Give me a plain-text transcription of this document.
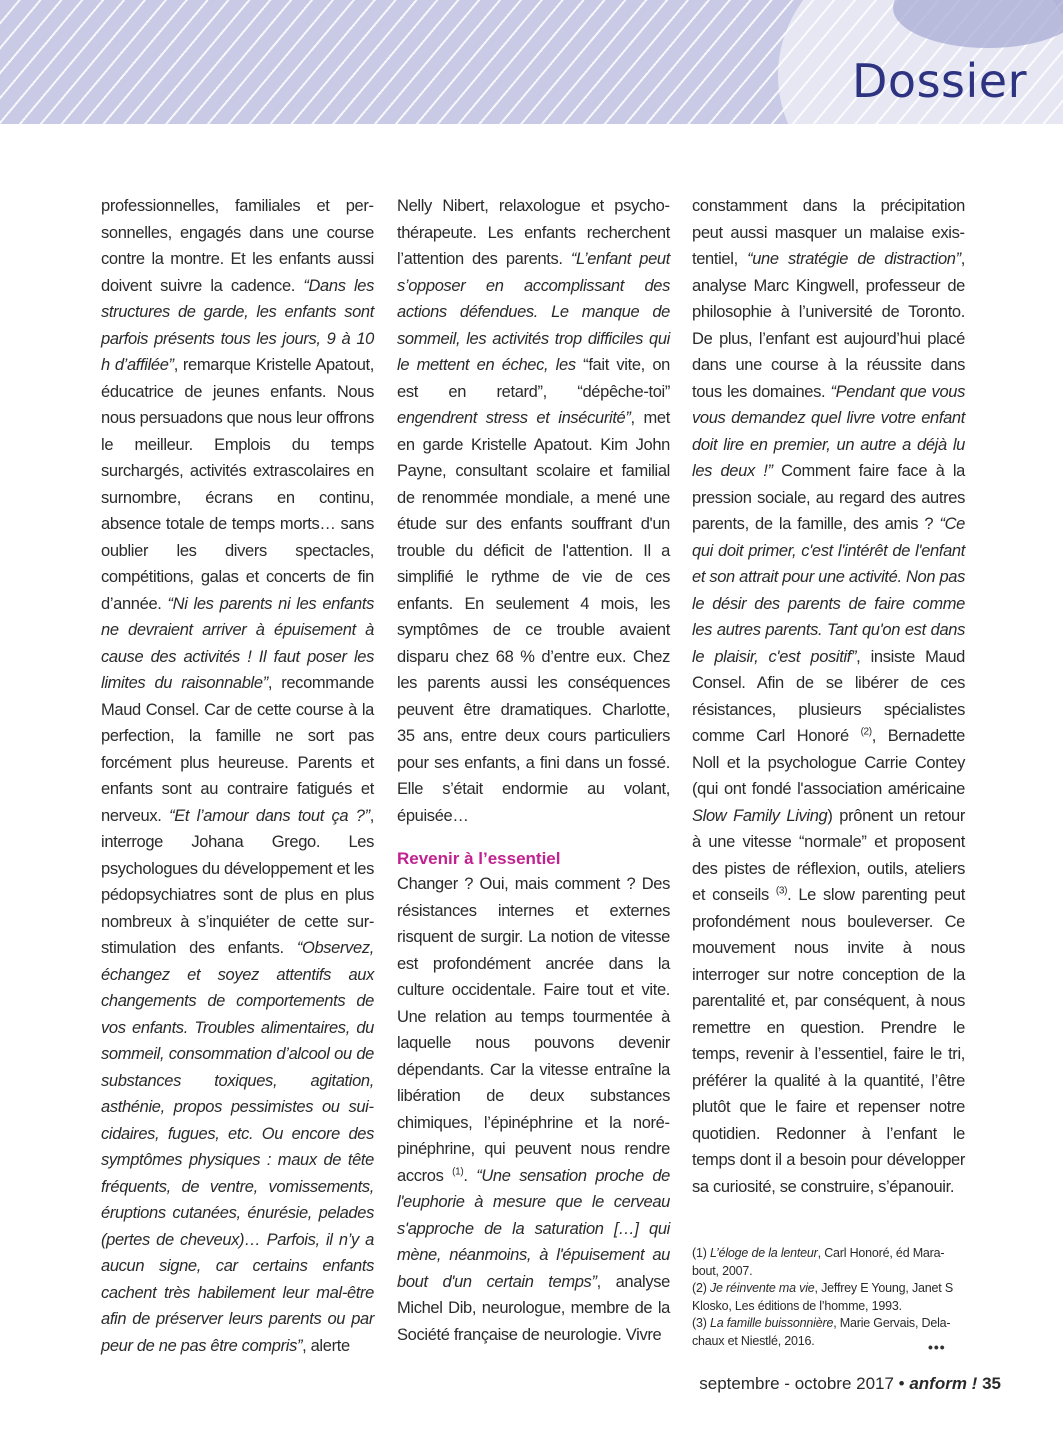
Dossier

professionnelles, familiales et personnelles, engagés dans une course contre la montre. Et les enfants aussi doivent suivre la cadence. “Dans les structures de garde, les enfants sont parfois présents tous les jours, 9 à 10 h d’affilée”, remarque Kristelle Apatout, éducatrice de jeunes enfants. Nous nous persuadons que nous leur offrons le meilleur. Emplois du temps surchargés, activités extrascolaires en surnombre, écrans en continu, absence totale de temps morts… sans oublier les divers spectacles, compétitions, galas et concerts de fin d’année. “Ni les parents ni les enfants ne devraient arriver à épuisement à cause des activités ! Il faut poser les limites du raisonnable”, recommande Maud Consel. Car de cette course à la perfection, la famille ne sort pas forcément plus heureuse. Parents et enfants sont au contraire fatigués et nerveux. “Et l’amour dans tout ça ?”, interroge Johana Grego. Les psychologues du développement et les pédopsychiatres sont de plus en plus nombreux à s’inquiéter de cette sur-stimulation des enfants. “Observez, échangez et soyez attentifs aux changements de comportements de vos enfants. Troubles alimentaires, du sommeil, consommation d’alcool ou de substances toxiques, agitation, asthénie, propos pessimistes ou suicidaires, fugues, etc. Ou encore des symptômes physiques : maux de tête fréquents, de ventre, vomissements, éruptions cutanées, énurésie, pelades (pertes de cheveux)… Parfois, il n’y a aucun signe, car certains enfants cachent très habilement leur mal-être afin de préserver leurs parents ou par peur de ne pas être compris”, alerte

Nelly Nibert, relaxologue et psychothérapeute. Les enfants recherchent l’attention des parents. “L’enfant peut s’opposer en accomplissant des actions défendues. Le manque de sommeil, les activités trop difficiles qui le mettent en échec, les “fait vite, on est en retard”, “dépêche-toi” engendrent stress et insécurité”, met en garde Kristelle Apatout. Kim John Payne, consultant scolaire et familial de renommée mondiale, a mené une étude sur des enfants souffrant d'un trouble du déficit de l'attention. Il a simplifié le rythme de vie de ces enfants. En seulement 4 mois, les symptômes de ce trouble avaient disparu chez 68 % d’entre eux. Chez les parents aussi les conséquences peuvent être dramatiques. Charlotte, 35 ans, entre deux cours particuliers pour ses enfants, a fini dans un fossé. Elle s’était endormie au volant, épuisée…

Revenir à l’essentiel

Changer ? Oui, mais comment ? Des résistances internes et externes risquent de surgir. La notion de vitesse est profondément ancrée dans la culture occidentale. Faire tout et vite. Une relation au temps tourmentée à laquelle nous pouvons devenir dépendants. Car la vitesse entraîne la libération de deux substances chimiques, l’épinéphrine et la norépinéphrine, qui peuvent nous rendre accros $^{(1)}$. “Une sensation proche de l'euphorie à mesure que le cerveau s'approche de la saturation […] qui mène, néanmoins, à l'épuisement au bout d'un certain temps”, analyse Michel Dib, neurologue, membre de la Société française de neurologie. Vivre

constamment dans la précipitation peut aussi masquer un malaise existentiel, “une stratégie de distraction”, analyse Marc Kingwell, professeur de philosophie à l’université de Toronto. De plus, l’enfant est aujourd’hui placé dans une course à la réussite dans tous les domaines. “Pendant que vous vous demandez quel livre votre enfant doit lire en premier, un autre a déjà lu les deux !” Comment faire face à la pression sociale, au regard des autres parents, de la famille, des amis ? “Ce qui doit primer, c'est l'intérêt de l'enfant et son attrait pour une activité. Non pas le désir des parents de faire comme les autres parents. Tant qu'on est dans le plaisir, c'est positif”, insiste Maud Consel. Afin de se libérer de ces résistances, plusieurs spécialistes comme Carl Honoré $^{(2)}$, Bernadette Noll et la psychologue Carrie Contey (qui ont fondé l'association américaine Slow Family Living) prônent un retour à une vitesse “normale” et proposent des pistes de réflexion, outils, ateliers et conseils $^{(3)}$. Le slow parenting peut profondément nous bouleverser. Ce mouvement nous invite à nous interroger sur notre conception de la parentalité et, par conséquent, à nous remettre en question. Prendre le temps, revenir à l’essentiel, faire le tri, préférer la qualité à la quantité, l’être plutôt que le faire et repenser notre quotidien. Redonner à l’enfant le temps dont il a besoin pour développer sa curiosité, se construire, s’épanouir.

(1) L’éloge de la lenteur, Carl Honoré, éd Marabout, 2007.

(2) Je réinvente ma vie, Jeffrey E Young, Janet S Klosko, Les éditions de l’homme, 1993.

(3) La famille buissonnière, Marie Gervais, Delachaux et Niestlé, 2016.	•••

septembre - octobre 2017 • anform ! 35
